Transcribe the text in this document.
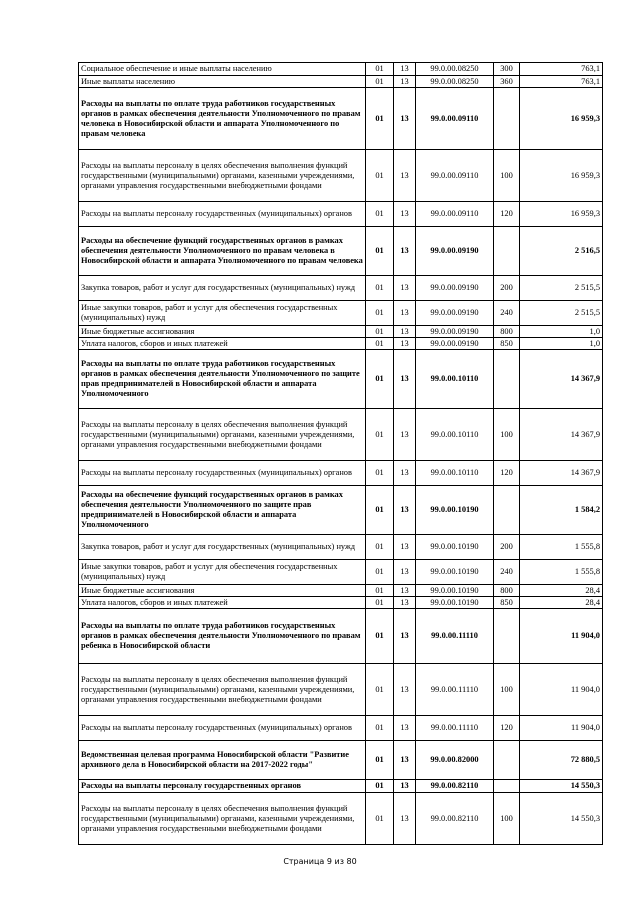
Социальное обеспечение и иные выплаты населению	01	13	99.0.00.08250	300	763,1
Иные выплаты населению	01	13	99.0.00.08250	360	763,1
Расходы на выплаты по оплате труда работников государственных органов в рамках обеспечения деятельности Уполномоченного по правам человека в Новосибирской области и аппарата Уполномоченного по правам человека	01	13	99.0.00.09110		16 959,3
Расходы на выплаты персоналу в целях обеспечения выполнения функций государственными (муниципальными) органами, казенными учреждениями, органами управления государственными внебюджетными фондами	01	13	99.0.00.09110	100	16 959,3
Расходы на выплаты персоналу государственных (муниципальных) органов	01	13	99.0.00.09110	120	16 959,3
Расходы на обеспечение функций государственных органов в рамках обеспечения деятельности Уполномоченного по правам человека в Новосибирской области и аппарата Уполномоченного по правам человека	01	13	99.0.00.09190		2 516,5
Закупка товаров, работ и услуг для государственных (муниципальных) нужд	01	13	99.0.00.09190	200	2 515,5
Иные закупки товаров, работ и услуг для обеспечения государственных (муниципальных) нужд	01	13	99.0.00.09190	240	2 515,5
Иные бюджетные ассигнования	01	13	99.0.00.09190	800	1,0
Уплата налогов, сборов и иных платежей	01	13	99.0.00.09190	850	1,0
Расходы на выплаты по оплате труда работников государственных органов в рамках обеспечения деятельности Уполномоченного по защите прав предпринимателей в Новосибирской области и аппарата Уполномоченного	01	13	99.0.00.10110		14 367,9
Расходы на выплаты персоналу в целях обеспечения выполнения функций государственными (муниципальными) органами, казенными учреждениями, органами управления государственными внебюджетными фондами	01	13	99.0.00.10110	100	14 367,9
Расходы на выплаты персоналу государственных (муниципальных) органов	01	13	99.0.00.10110	120	14 367,9
Расходы на обеспечение функций государственных органов в рамках обеспечения деятельности Уполномоченного по защите прав предпринимателей в Новосибирской области и аппарата Уполномоченного	01	13	99.0.00.10190		1 584,2
Закупка товаров, работ и услуг для государственных (муниципальных) нужд	01	13	99.0.00.10190	200	1 555,8
Иные закупки товаров, работ и услуг для обеспечения государственных (муниципальных) нужд	01	13	99.0.00.10190	240	1 555,8
Иные бюджетные ассигнования	01	13	99.0.00.10190	800	28,4
Уплата налогов, сборов и иных платежей	01	13	99.0.00.10190	850	28,4
Расходы на выплаты по оплате труда работников государственных органов в рамках обеспечения деятельности Уполномоченного по правам ребенка в Новосибирской области	01	13	99.0.00.11110		11 904,0
Расходы на выплаты персоналу в целях обеспечения выполнения функций государственными (муниципальными) органами, казенными учреждениями, органами управления государственными внебюджетными фондами	01	13	99.0.00.11110	100	11 904,0
Расходы на выплаты персоналу государственных (муниципальных) органов	01	13	99.0.00.11110	120	11 904,0
Ведомственная целевая программа Новосибирской области "Развитие архивного дела в Новосибирской области на 2017-2022 годы"	01	13	99.0.00.82000		72 880,5
Расходы на выплаты персоналу государственных органов	01	13	99.0.00.82110		14 550,3
Расходы на выплаты персоналу в целях обеспечения выполнения функций государственными (муниципальными) органами, казенными учреждениями, органами управления государственными внебюджетными фондами	01	13	99.0.00.82110	100	14 550,3
Страница 9 из 80
